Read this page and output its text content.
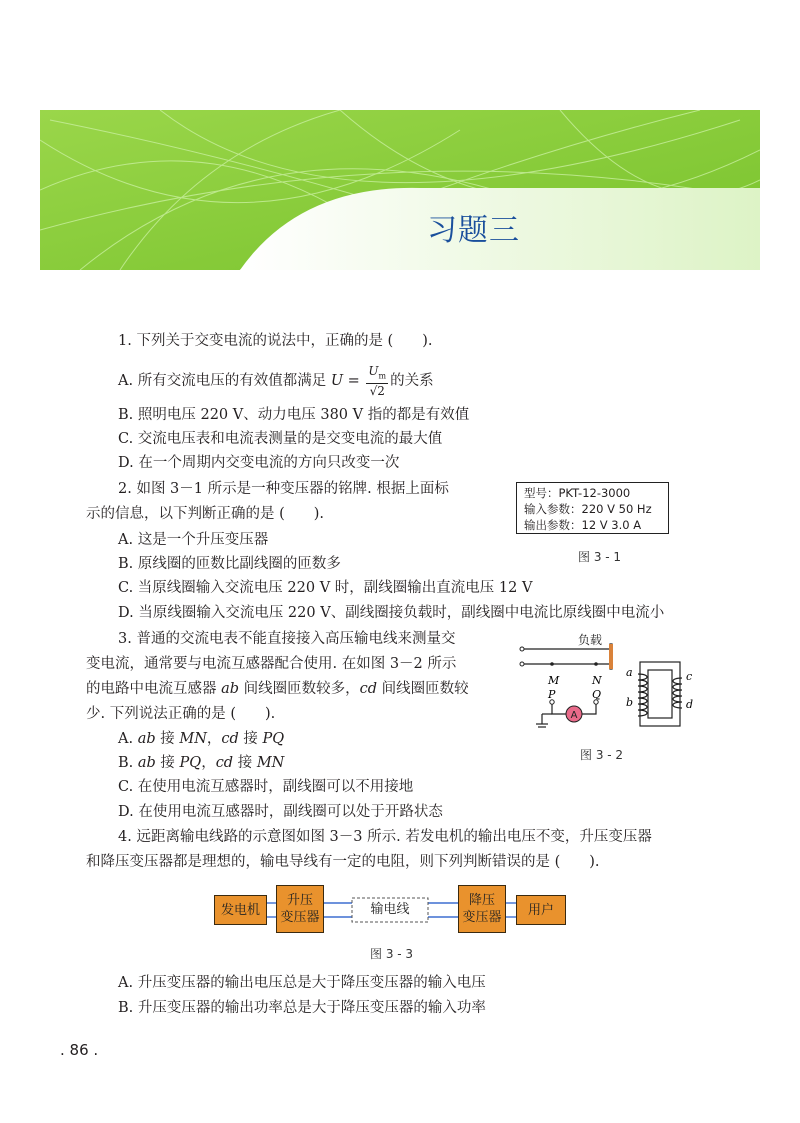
习题三
1. 下列关于交变电流的说法中，正确的是 (　　).
A. 所有交流电压的有效值都满足 $U = \frac{U_m}{√2}$ 的关系
B. 照明电压 220 V、动力电压 380 V 指的都是有效值
C. 交流电压表和电流表测量的是交变电流的最大值
D. 在一个周期内交变电流的方向只改变一次
2. 如图 3－1 所示是一种变压器的铭牌. 根据上面标
示的信息，以下判断正确的是 (　　).
A. 这是一个升压变压器
B. 原线圈的匝数比副线圈的匝数多
C. 当原线圈输入交流电压 220 V 时，副线圈输出直流电压 12 V
D. 当原线圈输入交流电压 220 V、副线圈接负载时，副线圈中电流比原线圈中电流小
型号：PKT-12-3000
输入参数：220 V 50 Hz
输出参数：12 V 3.0 A
图 3 - 1
3. 普通的交流电表不能直接接入高压输电线来测量交
变电流，通常要与电流互感器配合使用. 在如图 3－2 所示
的电路中电流互感器 ab 间线圈匝数较多，cd 间线圈匝数较
少. 下列说法正确的是 (　　).
A. ab 接 MN，cd 接 PQ
B. ab 接 PQ，cd 接 MN
C. 在使用电流互感器时，副线圈可以不用接地
D. 在使用电流互感器时，副线圈可以处于开路状态
A
负载
M	N
P	Q
a
b
c
d
图 3 - 2
4. 远距离输电线路的示意图如图 3－3 所示. 若发电机的输出电压不变，升压变压器
和降压变压器都是理想的，输电导线有一定的电阻，则下列判断错误的是 (　　).
发电机
升压
变压器
输电线
降压
变压器	用户
图 3 - 3
A. 升压变压器的输出电压总是大于降压变压器的输入电压
B. 升压变压器的输出功率总是大于降压变压器的输入功率
. 86 .
